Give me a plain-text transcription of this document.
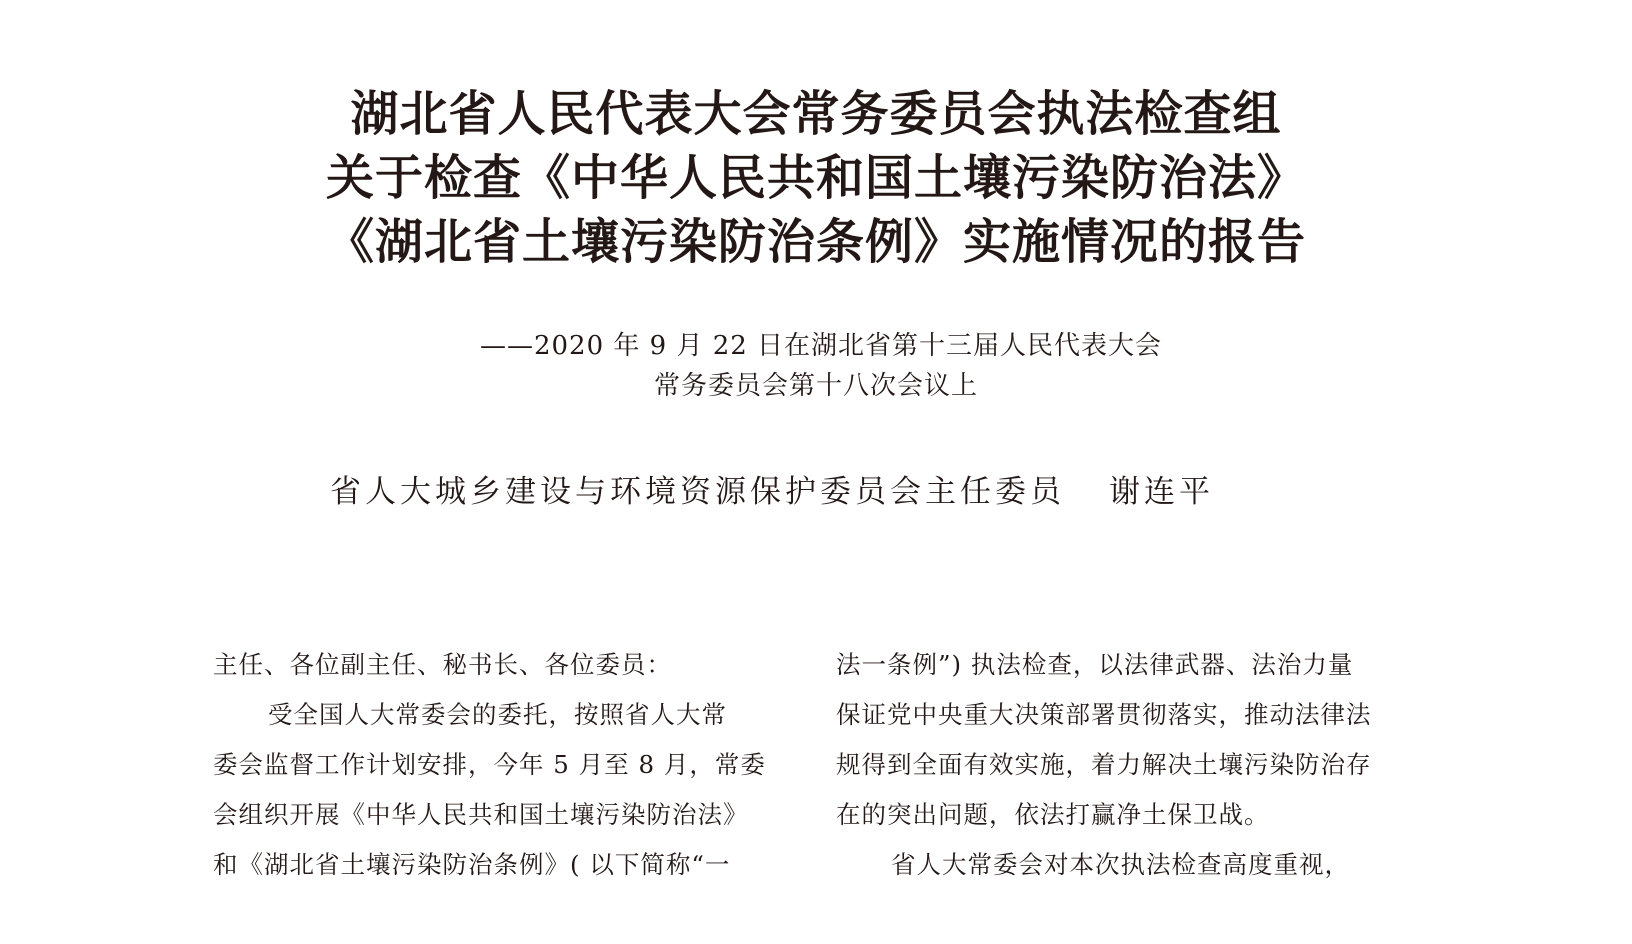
湖北省人民代表大会常务委员会执法检查组
关于检查《中华人民共和国土壤污染防治法》
《湖北省土壤污染防治条例》实施情况的报告
——2020 年 9 月 22 日在湖北省第十三届人民代表大会
常务委员会第十八次会议上
省人大城乡建设与环境资源保护委员会主任委员 谢连平
主任、各位副主任、秘书长、各位委员：
受全国人大常委会的委托，按照省人大常
委会监督工作计划安排，今年 5 月至 8 月，常委
会组织开展《中华人民共和国土壤污染防治法》
和《湖北省土壤污染防治条例》( 以下简称“一
法一条例”) 执法检查，以法律武器、法治力量
保证党中央重大决策部署贯彻落实，推动法律法
规得到全面有效实施，着力解决土壤污染防治存
在的突出问题，依法打赢净土保卫战。
省人大常委会对本次执法检查高度重视，
